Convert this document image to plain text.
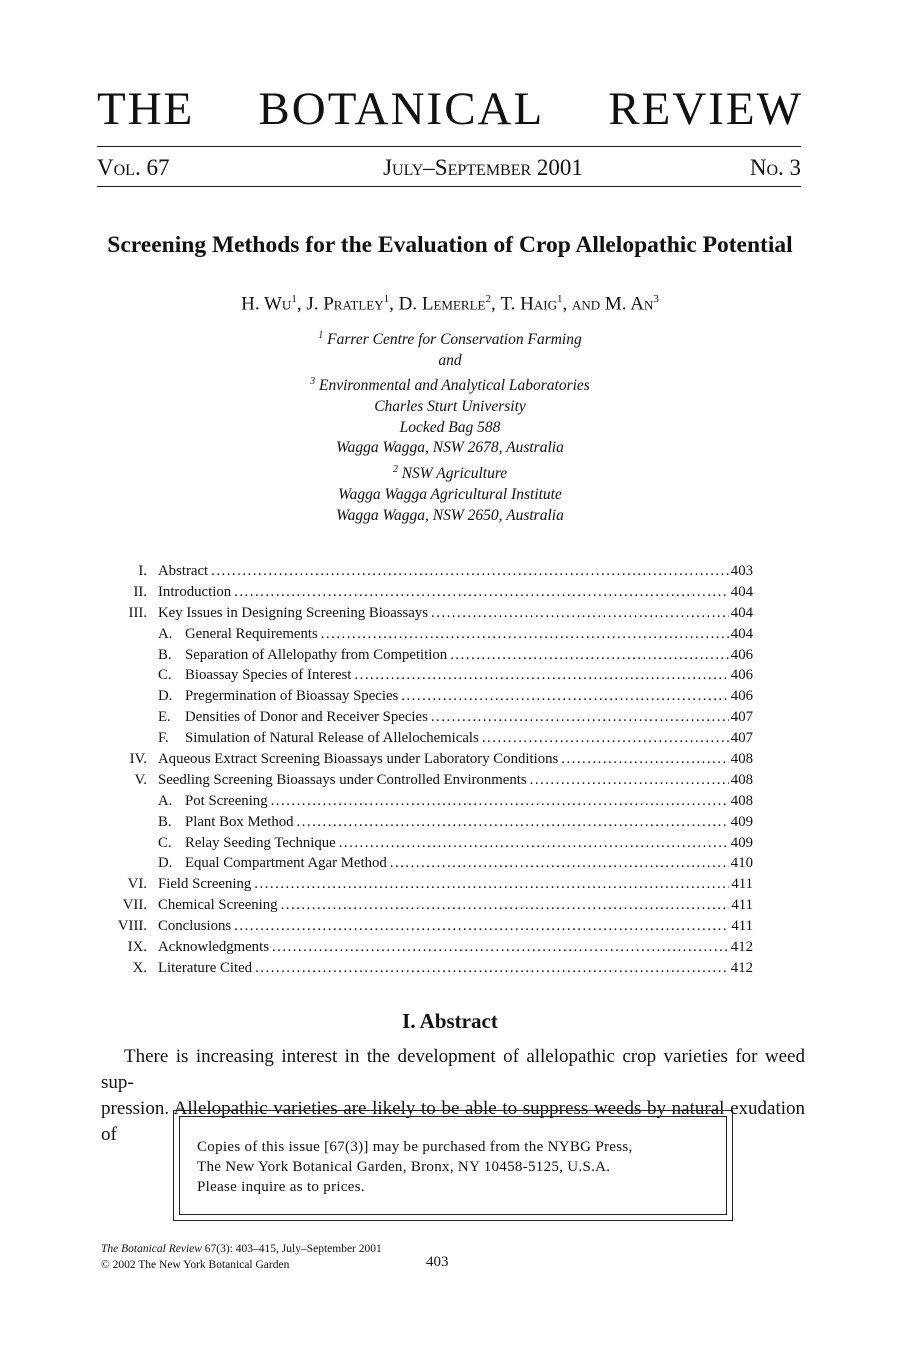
THE BOTANICAL REVIEW
Vol. 67	July–September 2001	No. 3
Screening Methods for the Evaluation of Crop Allelopathic Potential
H. Wu$^1$, J. Pratley$^1$, D. Lemerle$^2$, T. Haig$^1$, and M. An$^3$
$^1$ Farrer Centre for Conservation Farming
and
$^3$ Environmental and Analytical Laboratories
Charles Sturt University
Locked Bag 588
Wagga Wagga, NSW 2678, Australia
$^2$ NSW Agriculture
Wagga Wagga Agricultural Institute
Wagga Wagga, NSW 2650, Australia
I. Abstract . . .	403
II. Introduction . . .	404
III. Key Issues in Designing Screening Bioassays . . .	404
A. General Requirements . . .	404
B. Separation of Allelopathy from Competition . . .	406
C. Bioassay Species of Interest . . .	406
D. Pregermination of Bioassay Species . . .	406
E. Densities of Donor and Receiver Species . . .	407
F.	Simulation of Natural Release of Allelochemicals . . .	407
IV. Aqueous Extract Screening Bioassays under Laboratory Conditions . . .	408
V. Seedling Screening Bioassays under Controlled Environments . . .	408
A. Pot Screening . . .	408
B. Plant Box Method . . .	409
C. Relay Seeding Technique . . .	409
D. Equal Compartment Agar Method . . .	410
VI. Field Screening . . .	411
VII. Chemical Screening . . .	411
VIII. Conclusions . . .	411
IX. Acknowledgments . . .	412
X. Literature Cited . . .	412
I. Abstract
There is increasing interest in the development of allelopathic crop varieties for weed sup-
pression. Allelopathic varieties are likely to be able to suppress weeds by natural exudation of
Copies of this issue [67(3)] may be purchased from the NYBG Press,
The New York Botanical Garden, Bronx, NY 10458-5125, U.S.A.
Please inquire as to prices.
The Botanical Review 67(3): 403–415, July–September 2001
© 2002 The New York Botanical Garden	403
